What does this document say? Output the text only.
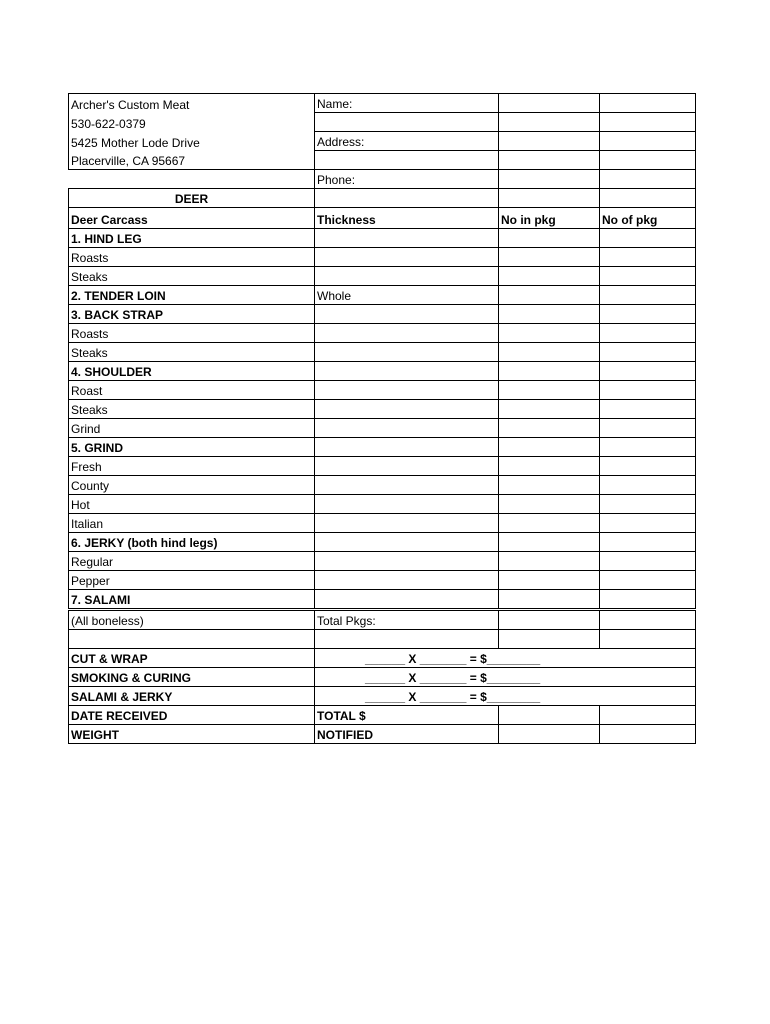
Archer's Custom Meat	Name:		
530-622-0379			
5425 Mother Lode Drive	Address:		
Placerville, CA 95667			
	Phone:		
DEER			
Deer Carcass	Thickness	No in pkg	No of pkg
1. HIND LEG			
Roasts			
Steaks			
2. TENDER LOIN	Whole		
3. BACK STRAP			
Roasts			
Steaks			
4. SHOULDER			
Roast			
Steaks			
Grind			
5. GRIND			
Fresh			
County			
Hot			
Italian			
6. JERKY (both hind legs)			
Regular			
Pepper			
7. SALAMI			
(All boneless)	Total Pkgs:		

CUT & WRAP	______ X _______ = $________		
SMOKING & CURING	______ X _______ = $________		
SALAMI & JERKY	______ X _______ = $________		
DATE RECEIVED	TOTAL $		
WEIGHT	NOTIFIED		
